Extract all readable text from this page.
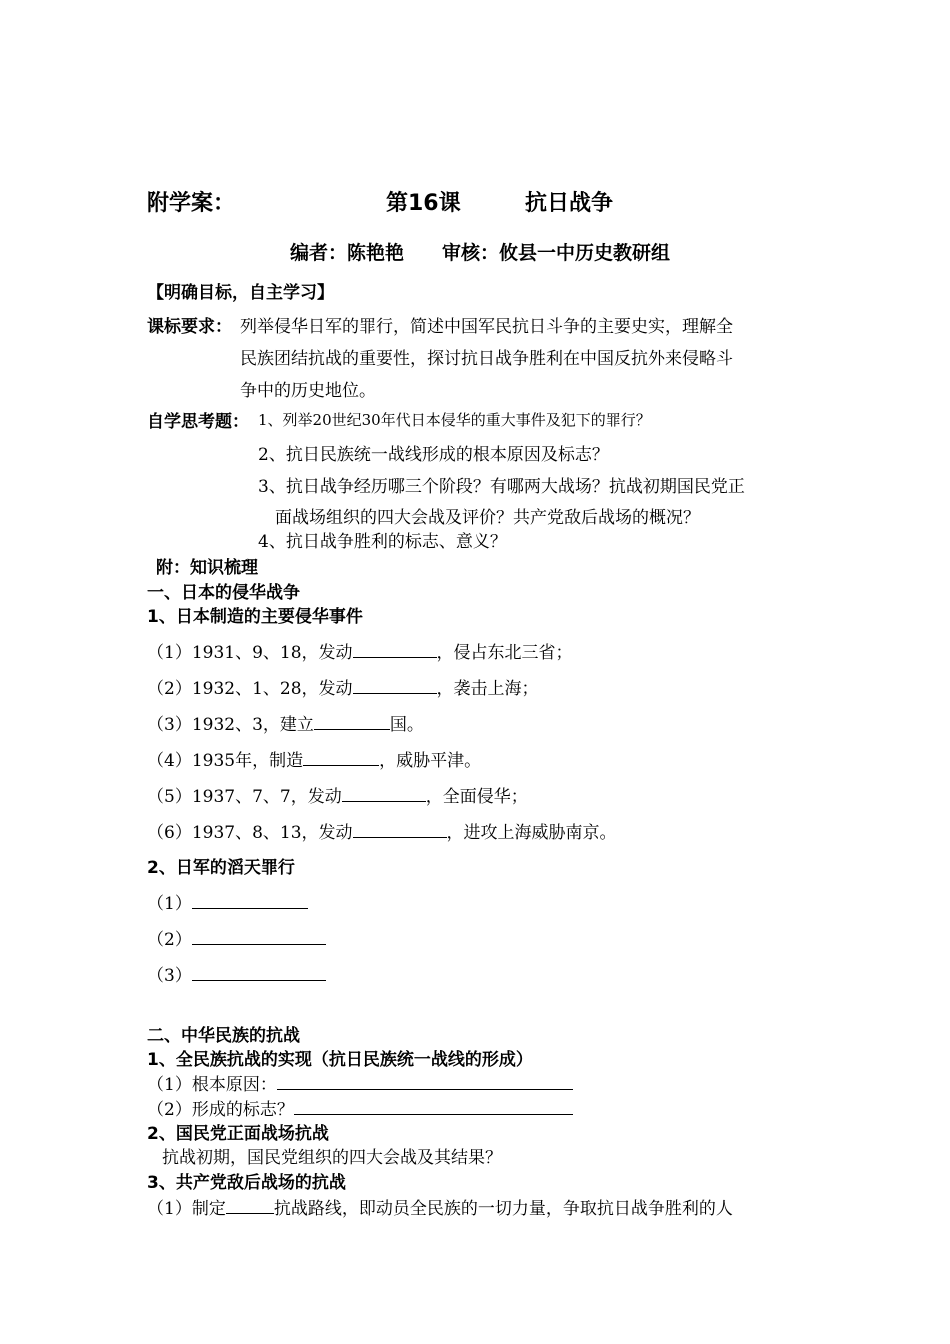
附学案：	第16课	抗日战争
编者：陈艳艳　　审核：攸县一中历史教研组
【明确目标，自主学习】
课标要求： 列举侵华日军的罪行，简述中国军民抗日斗争的主要史实，理解全
民族团结抗战的重要性，探讨抗日战争胜利在中国反抗外来侵略斗
争中的历史地位。
自学思考题： 1、列举20世纪30年代日本侵华的重大事件及犯下的罪行？
2、抗日民族统一战线形成的根本原因及标志？
3、抗日战争经历哪三个阶段？有哪两大战场？抗战初期国民党正
面战场组织的四大会战及评价？共产党敌后战场的概况？
4、抗日战争胜利的标志、意义？
附：知识梳理
一、日本的侵华战争
1、日本制造的主要侵华事件
（1）1931、9、18，发动	，侵占东北三省；
（2）1932、1、28，发动	，袭击上海；
（3）1932、3，建立	国。
（4）1935年，制造	，威胁平津。
（5）1937、7、7，发动	，全面侵华；
（6）1937、8、13，发动	，进攻上海威胁南京。
2、日军的滔天罪行
（1）
（2）
（3）
二、中华民族的抗战
1、全民族抗战的实现（抗日民族统一战线的形成）
（1）根本原因：
（2）形成的标志？
2、国民党正面战场抗战
抗战初期，国民党组织的四大会战及其结果？
3、共产党敌后战场的抗战
（1）制定	抗战路线，即动员全民族的一切力量，争取抗日战争胜利的人
